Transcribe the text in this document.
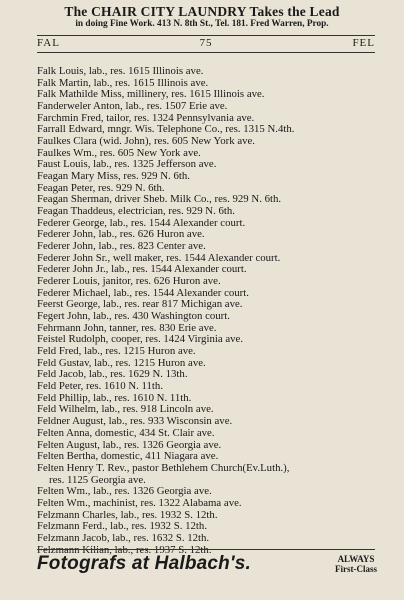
The CHAIR CITY LAUNDRY Takes the Lead
in doing Fine Work. 413 N. 8th St., Tel. 181. Fred Warren, Prop.
FAL	75	FEL
Falk Louis, lab., res. 1615 Illinois ave.
Falk Martin, lab., res. 1615 Illinois ave.
Falk Mathilde Miss, millinery, res. 1615 Illinois ave.
Fanderweler Anton, lab., res. 1507 Erie ave.
Farchmin Fred, tailor, res. 1324 Pennsylvania ave.
Farrall Edward, mngr. Wis. Telephone Co., res. 1315 N.4th.
Faulkes Clara (wid. John), res. 605 New York ave.
Faulkes Wm., res. 605 New York ave.
Faust Louis, lab., res. 1325 Jefferson ave.
Feagan Mary Miss, res. 929 N. 6th.
Feagan Peter, res. 929 N. 6th.
Feagan Sherman, driver Sheb. Milk Co., res. 929 N. 6th.
Feagan Thaddeus, electrician, res. 929 N. 6th.
Federer George, lab., res. 1544 Alexander court.
Federer John, lab., res. 626 Huron ave.
Federer John, lab., res. 823 Center ave.
Federer John Sr., well maker, res. 1544 Alexander court.
Federer John Jr., lab., res. 1544 Alexander court.
Federer Louis, janitor, res. 626 Huron ave.
Federer Michael, lab., res. 1544 Alexander court.
Feerst George, lab., res. rear 817 Michigan ave.
Fegert John, lab., res. 430 Washington court.
Fehrmann John, tanner, res. 830 Erie ave.
Feistel Rudolph, cooper, res. 1424 Virginia ave.
Feld Fred, lab., res. 1215 Huron ave.
Feld Gustav, lab., res. 1215 Huron ave.
Feld Jacob, lab., res. 1629 N. 13th.
Feld Peter, res. 1610 N. 11th.
Feld Phillip, lab., res. 1610 N. 11th.
Feld Wilhelm, lab., res. 918 Lincoln ave.
Feldner August, lab., res. 933 Wisconsin ave.
Felten Anna, domestic, 434 St. Clair ave.
Felten August, lab., res. 1326 Georgia ave.
Felten Bertha, domestic, 411 Niagara ave.
Felten Henry T. Rev., pastor Bethlehem Church(Ev.Luth.),
res. 1125 Georgia ave.
Felten Wm., lab., res. 1326 Georgia ave.
Felten Wm., machinist, res. 1322 Alabama ave.
Felzmann Charles, lab., res. 1932 S. 12th.
Felzmann Ferd., lab., res. 1932 S. 12th.
Felzmann Jacob, lab., res. 1632 S. 12th.
Felzmann Kilian, lab., res. 1937 S. 12th.
Fotografs at Halbach's.	ALWAYS
First-Class
